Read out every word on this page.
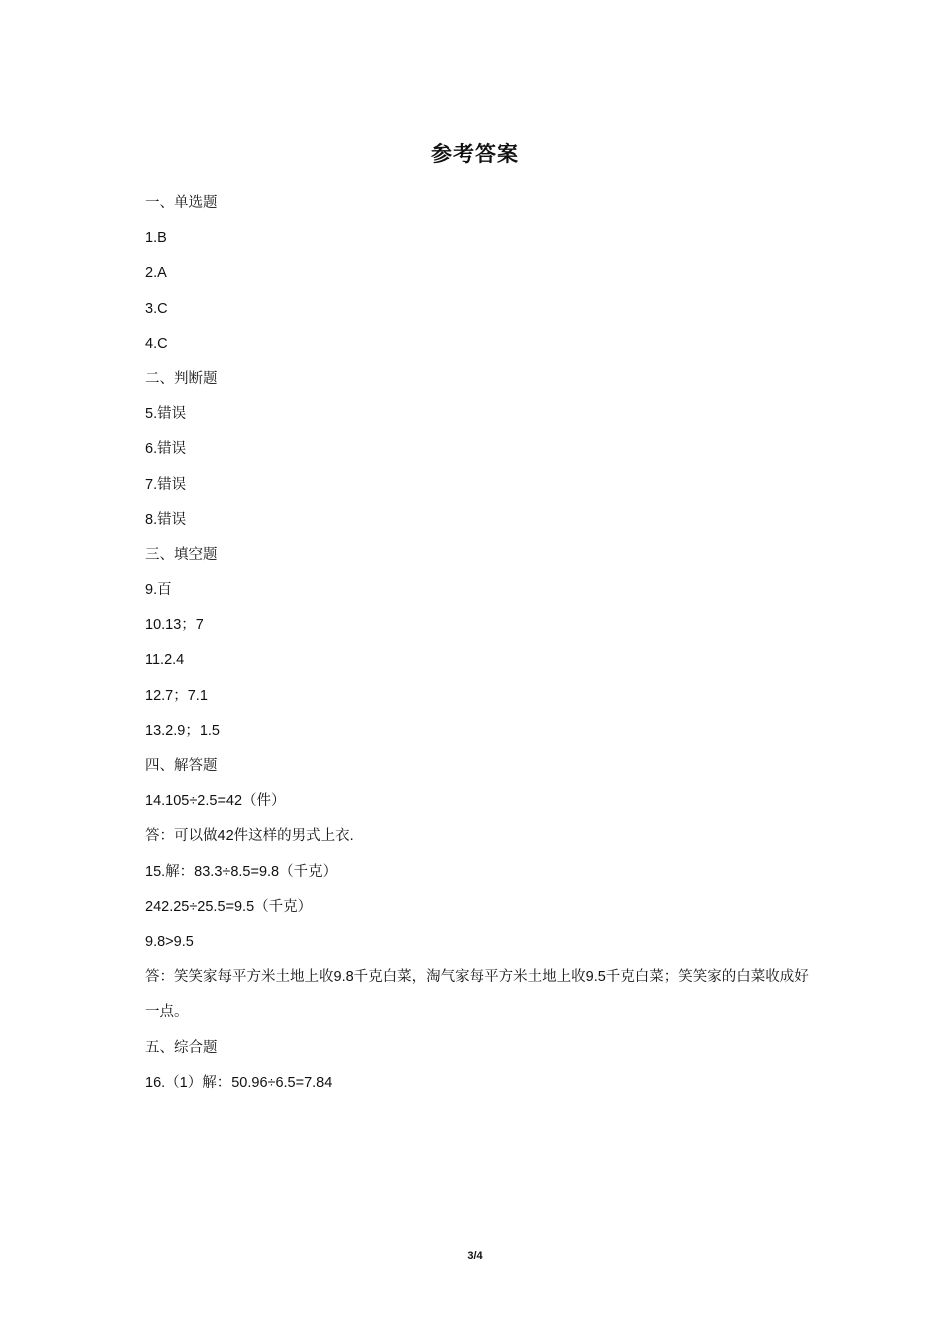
参考答案
一、单选题
1.B
2.A
3.C
4.C
二、判断题
5.错误
6.错误
7.错误
8.错误
三、填空题
9.百
10.13；7
11.2.4
12.7；7.1
13.2.9；1.5
四、解答题
14.105÷2.5=42（件）
答：可以做42件这样的男式上衣.
15.解：83.3÷8.5=9.8（千克）
242.25÷25.5=9.5（千克）
9.8>9.5
答：笑笑家每平方米土地上收9.8千克白菜，淘气家每平方米土地上收9.5千克白菜；笑笑家的白菜收成好一点。
五、综合题
16.（1）解：50.96÷6.5=7.84
3/4
